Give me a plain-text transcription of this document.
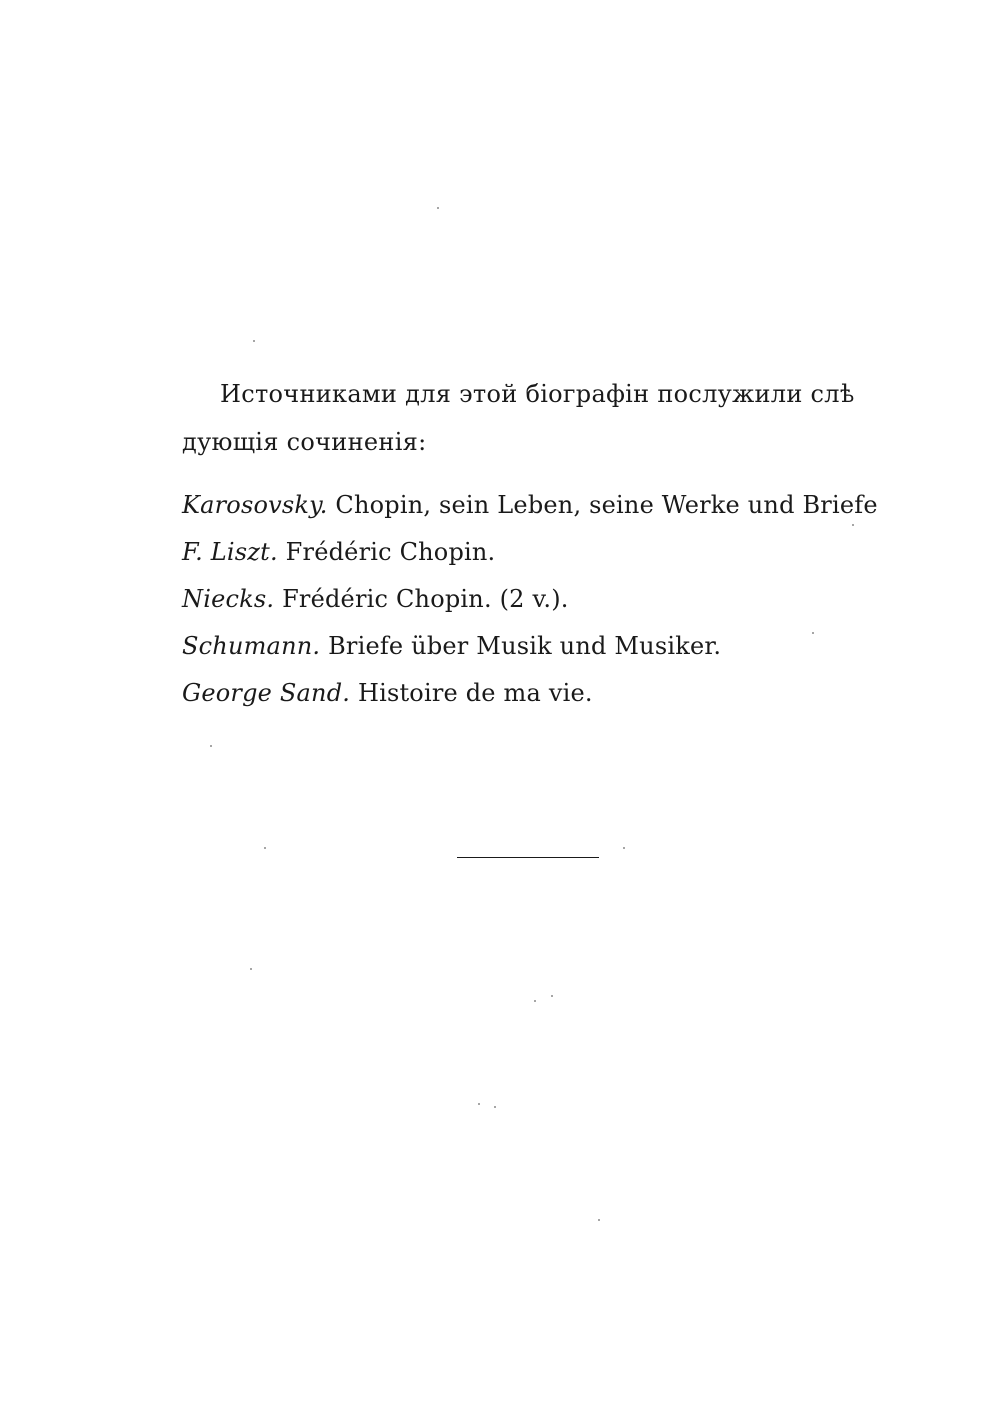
Источниками для этой біографін послужили слѣ
дующія сочиненія:

Karosovsky. Chopin, sein Leben, seine Werke und Briefe
F. Liszt. Frédéric Chopin.
Niecks. Frédéric Chopin. (2 v.).
Schumann. Briefe über Musik und Musiker.
George Sand. Histoire de ma vie.
